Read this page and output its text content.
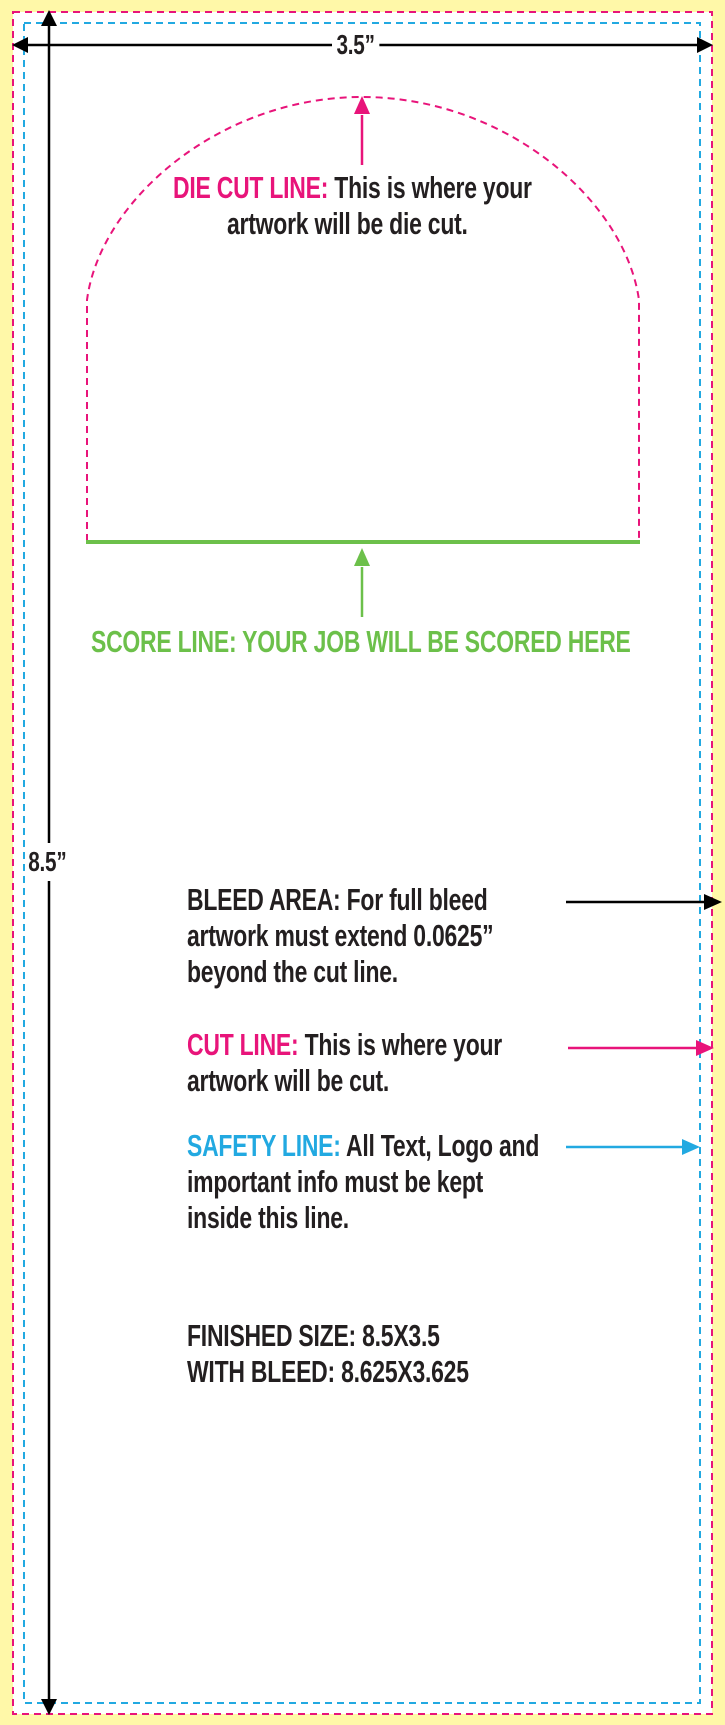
3.5”
8.5”
DIE CUT LINE: This is where your
artwork will be die cut.
SCORE LINE: YOUR JOB WILL BE SCORED HERE
BLEED AREA: For full bleed
artwork must extend 0.0625”
beyond the cut line.
CUT LINE: This is where your
artwork will be cut.
SAFETY LINE: All Text, Logo and
important info must be kept
inside this line.
FINISHED SIZE: 8.5X3.5
WITH BLEED: 8.625X3.625
